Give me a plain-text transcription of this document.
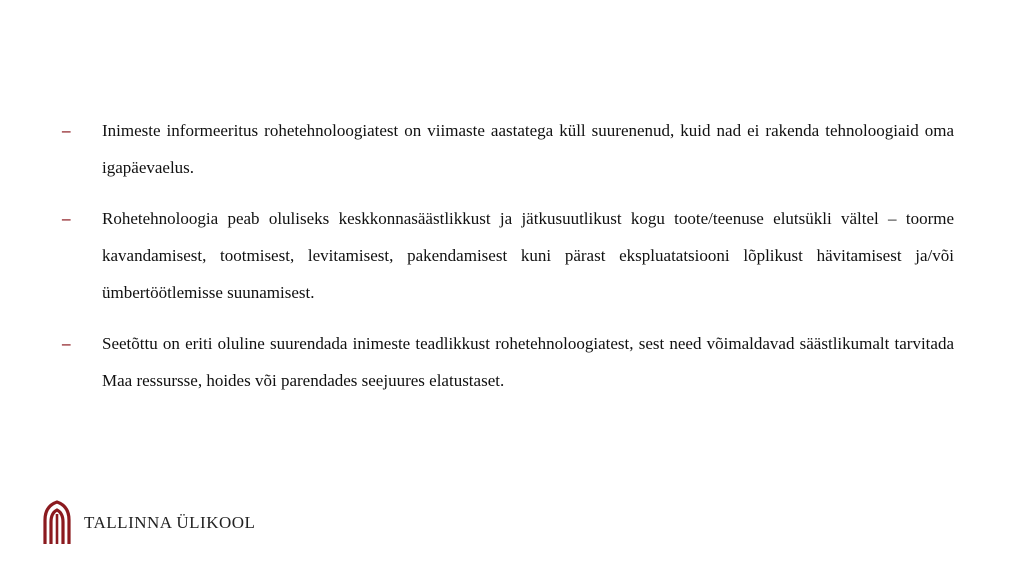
– Inimeste informeeritus rohetehnoloogiatest on viimaste aastatega küll suurenenud, kuid nad ei rakenda tehnoloogiaid oma igapäevaelus.

– Rohetehnoloogia peab oluliseks keskkonnasäästlikkust ja jätkusuutlikust kogu toote/teenuse elutsükli vältel – toorme kavandamisest, tootmisest, levitamisest, pakendamisest kuni pärast ekspluatatsiooni lõplikust hävitamisest ja/või ümbertöötlemisse suunamisest.

– Seetõttu on eriti oluline suurendada inimeste teadlikkust rohetehnoloogiatest, sest need võimaldavad säästlikumalt tarvitada Maa ressursse, hoides või parendades seejuures elatustaset.

TALLINNA ÜLIKOOL
